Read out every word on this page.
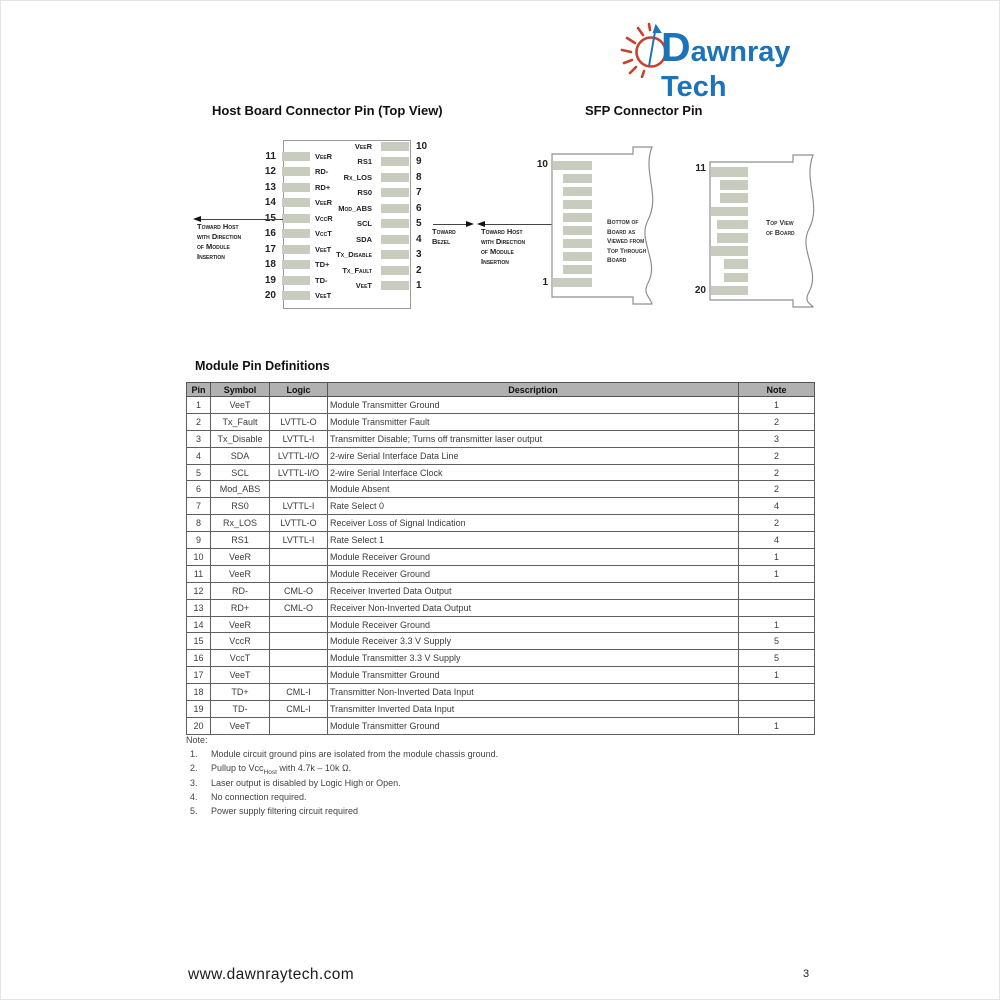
Dawnray Tech
Host Board Connector Pin (Top View)	SFP Connector Pin
11	VeeR
12	RD-
13	RD+
14	VeeR
15	VccR
16	VccT
17	VeeT
18	TD+
19	TD-
20	VeeT
10
VeeR
9
RS1
8
Rx_LOS
7
RS0
6
Mod_ABS
5
SCL
4
SDA
3
Tx_Disable
2
Tx_Fault
1
VeeT
Toward Host
with Direction
of Module
Insertion
Toward
Bezel
Toward Host
with Direction
of Module
Insertion
10
1
Bottom of
Board as
Viewed from
Top Through
Board
11
20
Top View
of Board
Module Pin Definitions
Pin	Symbol	Logic	Description	Note
1	VeeT		Module Transmitter Ground	1
2	Tx_Fault	LVTTL-O	Module Transmitter Fault	2
3	Tx_Disable	LVTTL-I	Transmitter Disable; Turns off transmitter laser output	3
4	SDA	LVTTL-I/O	2-wire Serial Interface Data Line	2
5	SCL	LVTTL-I/O	2-wire Serial Interface Clock	2
6	Mod_ABS		Module Absent	2
7	RS0	LVTTL-I	Rate Select 0	4
8	Rx_LOS	LVTTL-O	Receiver Loss of Signal Indication	2
9	RS1	LVTTL-I	Rate Select 1	4
10	VeeR		Module Receiver Ground	1
11	VeeR		Module Receiver Ground	1
12	RD-	CML-O	Receiver Inverted Data Output	
13	RD+	CML-O	Receiver Non-Inverted Data Output	
14	VeeR		Module Receiver Ground	1
15	VccR		Module Receiver 3.3 V Supply	5
16	VccT		Module Transmitter 3.3 V Supply	5
17	VeeT		Module Transmitter Ground	1
18	TD+	CML-I	Transmitter Non-Inverted Data Input	
19	TD-	CML-I	Transmitter Inverted Data Input	
20	VeeT		Module Transmitter Ground	1
Note:
1.	Module circuit ground pins are isolated from the module chassis ground.
2.	Pullup to Vcc$_{Host}$ with 4.7k – 10k Ω.
3.	Laser output is disabled by Logic High or Open.
4.	No connection required.
5.	Power supply filtering circuit required
www.dawnraytech.com	3
